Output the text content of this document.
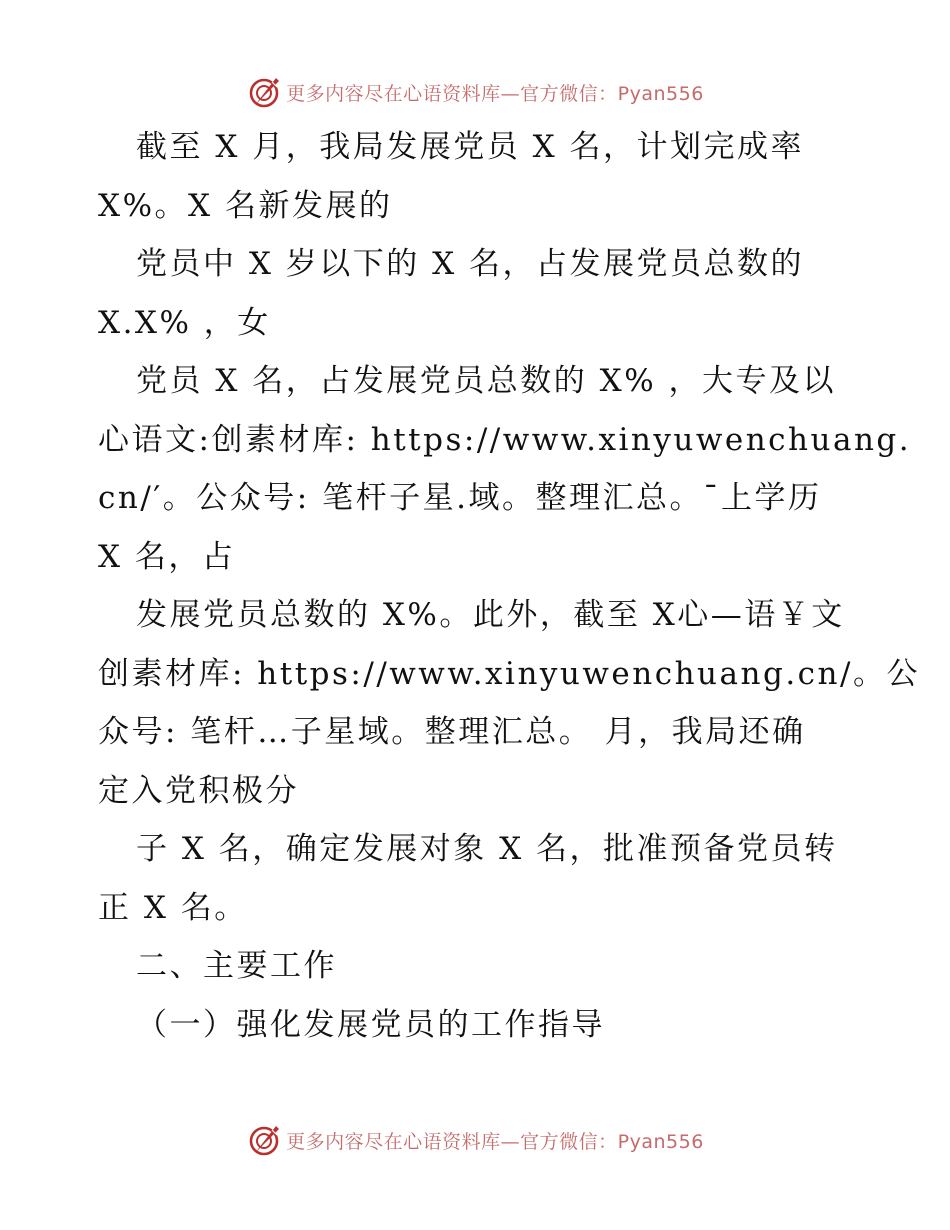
更多内容尽在心语资料库—官方微信：Pyan556
截至 X 月，我局发展党员 X 名，计划完成率
X%。X 名新发展的
党员中 X 岁以下的 X 名，占发展党员总数的
X.X% ，女
党员 X 名，占发展党员总数的 X% ，大专及以
心语文:创素材库: https://www.xinyuwenchuang.
cn/′。公众号: 笔杆子星.域。整理汇总。¯上学历
X 名，占
发展党员总数的 X%。此外，截至 X心—语￥文
创素材库: https://www.xinyuwenchuang.cn/。公
众号: 笔杆…子星域。整理汇总。 月，我局还确
定入党积极分
子 X 名，确定发展对象 X 名，批准预备党员转
正 X 名。
二、主要工作
（一）强化发展党员的工作指导
更多内容尽在心语资料库—官方微信：Pyan556
